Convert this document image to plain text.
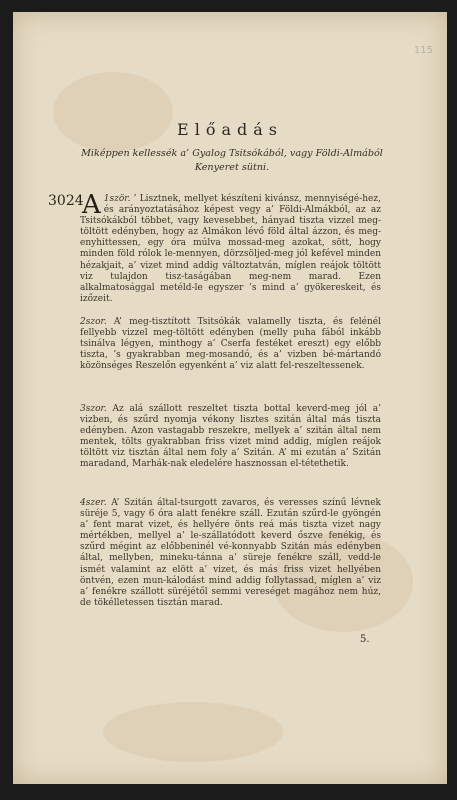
115
Előadás
Miképpen kellessék a’ Gyalog Tsitsókából, vagy Földi-Almából Kenyeret sütni.
3024	1ször.
A	’ Lisztnek, mellyet készíteni kivánsz, mennyiségé-hez, és arányoztatásához képest vegy a’ Földi-Almákból, az az Tsitsókákból többet, vagy kevesebbet, hányad tiszta vizzel meg-töltött edényben, hogy az Almákon lévő föld által ázzon, és meg-enyhittessen, egy óra múlva mossad-meg azokat, sött, hogy minden föld rólok le-mennyen, dörzsöljed-meg jól kefével minden hézakjait, a’ vizet mind addig változtatván, míglen reájok töltött viz tulajdon tisz-taságában meg-nem marad. Ezen alkalmatosággal metéld-le egyszer ’s mind a’ gyökereskeit, és izőzeit.

2szor. A’ meg-tisztított Tsitsókák valamelly tiszta, és felénél fellyebb vizzel meg-töltött edényben (melly puha fából inkább tsinálva légyen, minthogy a’ Cserfa festéket ereszt) egy előbb tiszta, ’s gyakrabban meg-mosandó, és a’ vizben bé-mártandó közönséges Reszelőn egyenként a’ viz alatt fel-reszeltessenek.

3szor. Az alá szállott reszeltet tiszta bottal keverd-meg jól a’ vizben, és szűrd nyomja vékony lisztes szitán által más tiszta edényben. Azon vastagabb reszekre, mellyek a’ szitán által nem mentek, tölts gyakrabban friss vizet mind addig, míglen reájok töltött viz tisztán által nem foly a’ Szitán. A’ mi ezután a’ Szitán maradand, Marhák-nak eledelére hasznossan el-tétethetik.

4szer. A’ Szitán által-tsurgott zavaros, és veresses színű lévnek süréje 5, vagy 6 óra alatt fenékre száll. Ezután szűrd-le gyöngén a’ fent marat vizet, és hellyére önts reá más tiszta vizet nagy mértékben, mellyel a’ le-szállatódott keverd őszve fenékig, és szűrd mégint az előbbeninél vé-konnyabb Szitán más edényben által, mellyben, mineku-tánna a’ süreje fenékre száll, vedd-le ismét valamint az elött a’ vizet, és más friss vizet hellyében öntvén, ezen mun-kálodást mind addig follytassad, míglen a’ viz a’ fenékre szállott süréjétől semmi vereséget magához nem húz, de tökélletessen tisztán marad.

5.
